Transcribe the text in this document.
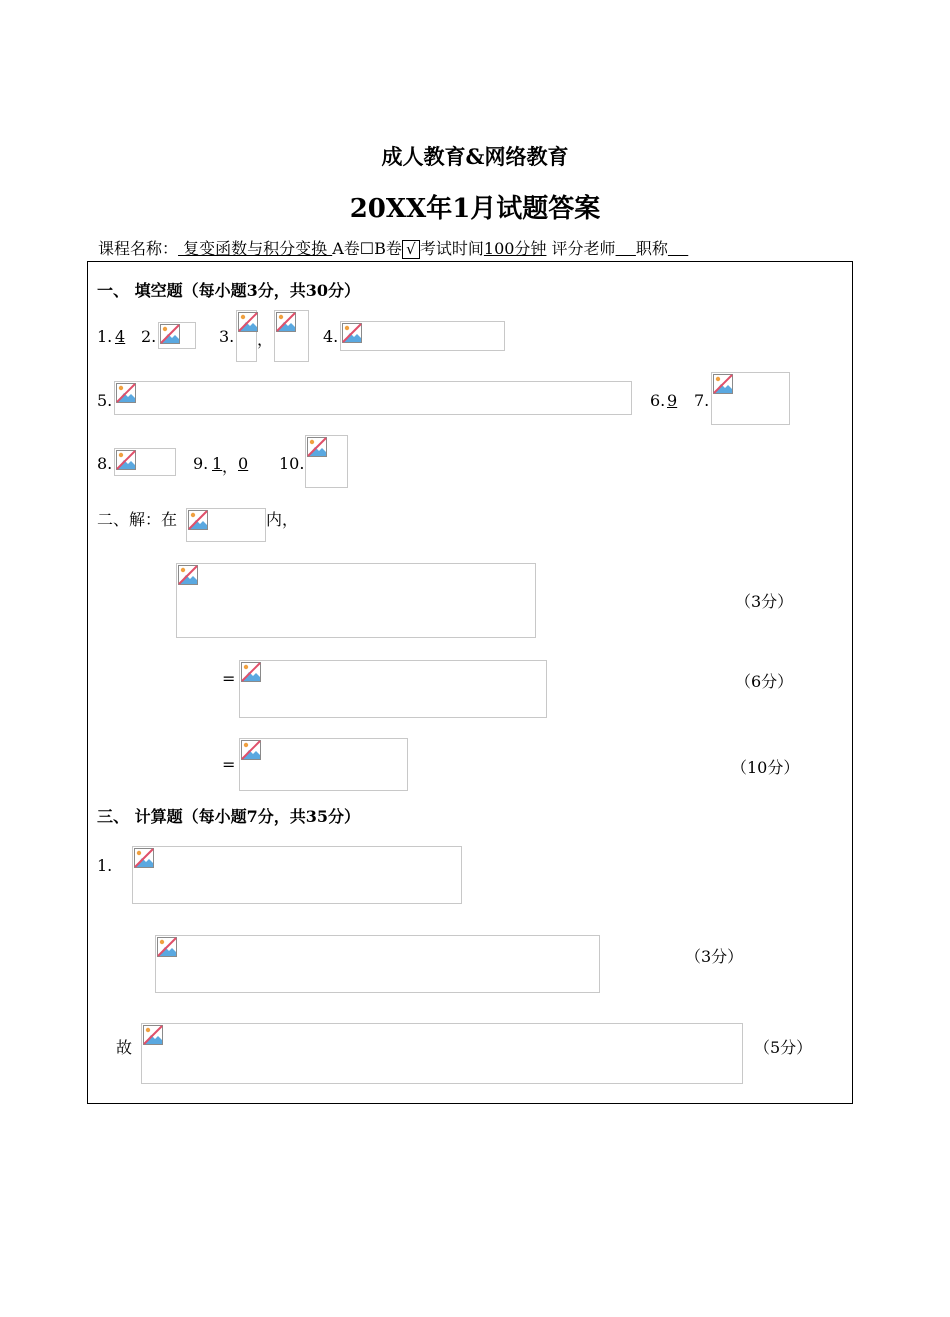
成人教育&网络教育
20XX年1月试题答案
课程名称： 复变函数与积分变换 A卷☐B卷 √ 考试时间100分钟 评分老师 职称
一、 填空题（每小题3分，共30分）
1. 4 2.	3. ，	4.
5.	6. 9 7.
8.	9. 1 ， 0 10.
二、解：在	内，
（3分）
=	（6分）
=	（10分）
三、 计算题（每小题7分，共35分）
1.
（3分）
故	（5分）
